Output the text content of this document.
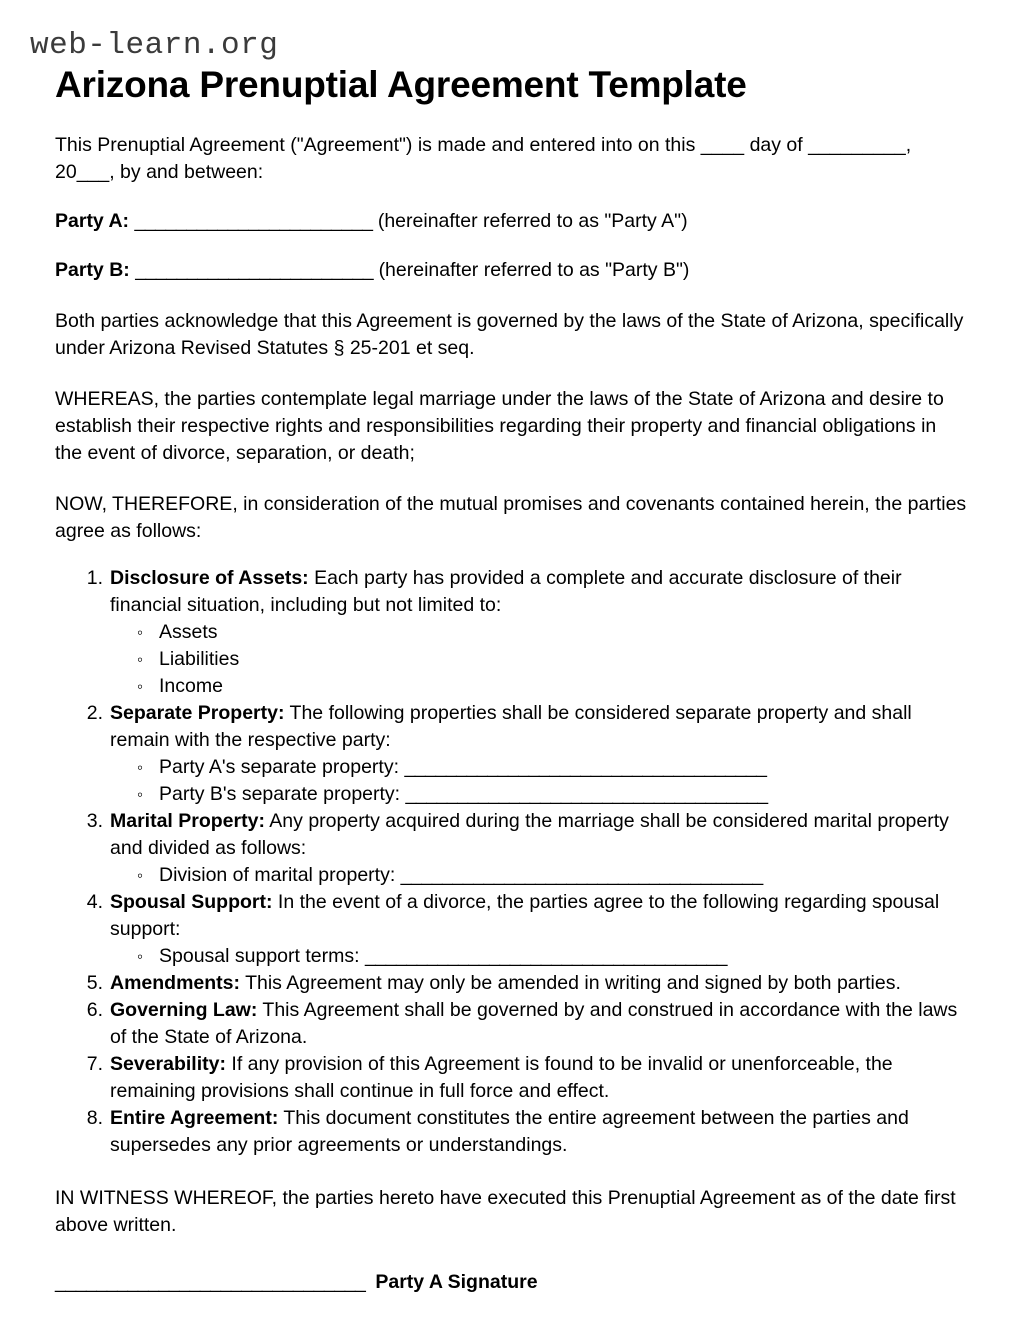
web-learn.org
Arizona Prenuptial Agreement Template

This Prenuptial Agreement ("Agreement") is made and entered into on this ____ day of _________, 20___, by and between:

Party A: _______________________ (hereinafter referred to as "Party A")

Party B: _______________________ (hereinafter referred to as "Party B")

Both parties acknowledge that this Agreement is governed by the laws of the State of Arizona, specifically under Arizona Revised Statutes § 25-201 et seq.

WHEREAS, the parties contemplate legal marriage under the laws of the State of Arizona and desire to establish their respective rights and responsibilities regarding their property and financial obligations in the event of divorce, separation, or death;

NOW, THEREFORE, in consideration of the mutual promises and covenants contained herein, the parties agree as follows:

Disclosure of Assets: Each party has provided a complete and accurate disclosure of their financial situation, including but not limited to:
◦ Assets
◦ Liabilities
◦ Income
Separate Property: The following properties shall be considered separate property and shall remain with the respective party:
◦ Party A's separate property: ___________________________________
◦ Party B's separate property: ___________________________________
Marital Property: Any property acquired during the marriage shall be considered marital property and divided as follows:
◦ Division of marital property: ___________________________________
Spousal Support: In the event of a divorce, the parties agree to the following regarding spousal support:
◦ Spousal support terms: ___________________________________
Amendments: This Agreement may only be amended in writing and signed by both parties.
Governing Law: This Agreement shall be governed by and construed in accordance with the laws of the State of Arizona.
Severability: If any provision of this Agreement is found to be invalid or unenforceable, the remaining provisions shall continue in full force and effect.
Entire Agreement: This document constitutes the entire agreement between the parties and supersedes any prior agreements or understandings.

IN WITNESS WHEREOF, the parties hereto have executed this Prenuptial Agreement as of the date first above written.

______________________________ Party A Signature
